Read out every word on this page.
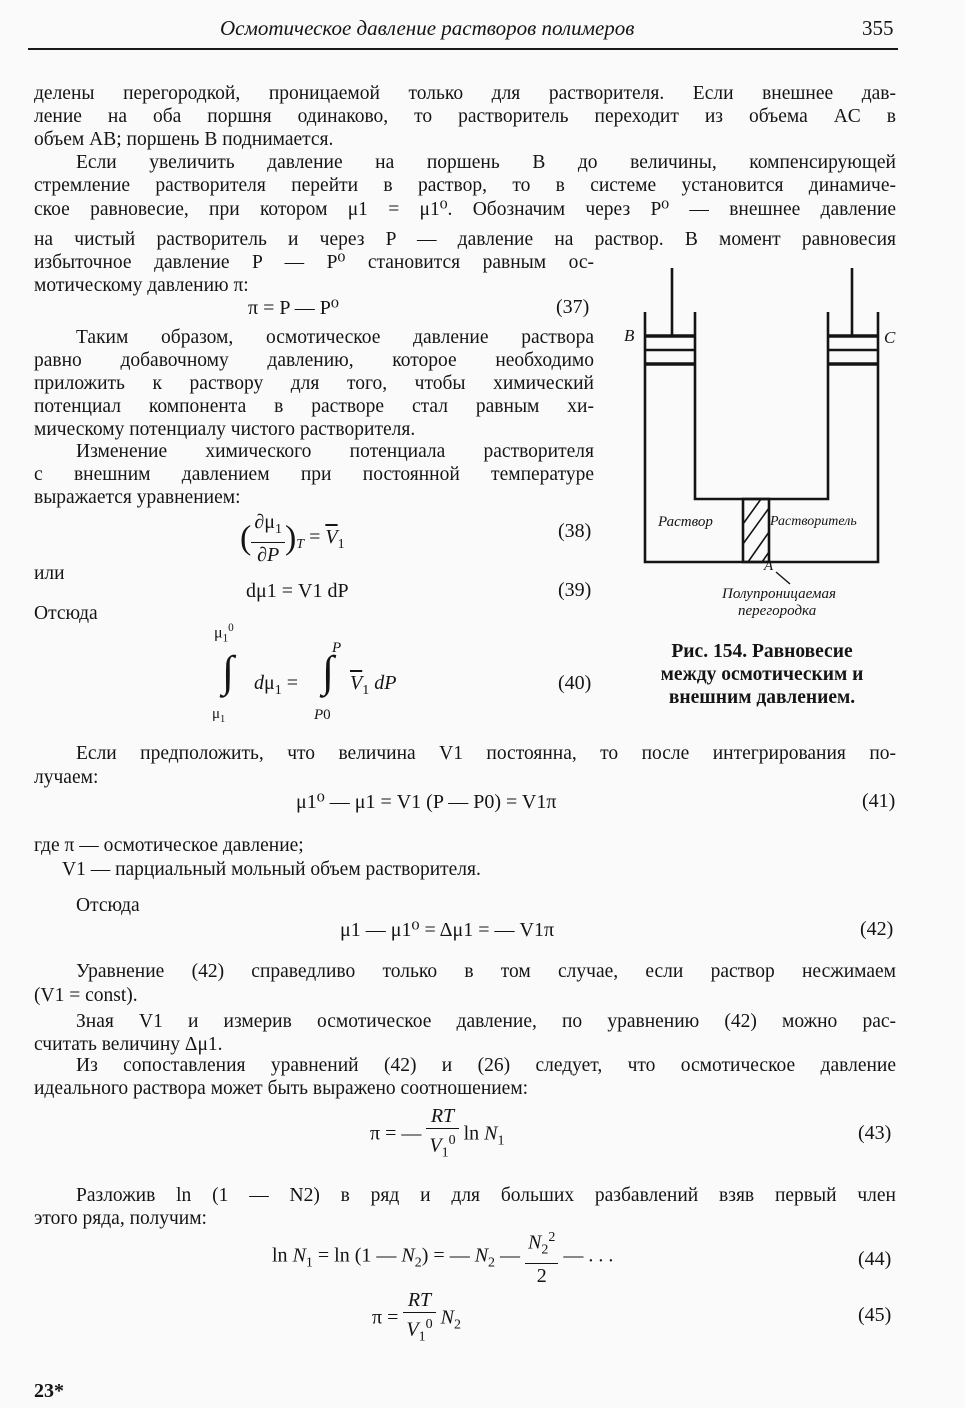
Осмотическое давление растворов полимеров	355
делены перегородкой, проницаемой только для растворителя. Если внешнее дав-
ление на оба поршня одинаково, то растворитель переходит из объема AC в
объем AB; поршень B поднимается.
Если увеличить давление на поршень B до величины, компенсирующей
стремление растворителя перейти в раствор, то в системе установится динамиче-
ское равновесие, при котором μ1 = μ1⁰. Обозначим через P⁰ — внешнее давление
на чистый растворитель и через P — давление на раствор. В момент равновесия
избыточное давление P — P⁰ становится равным ос-
мотическому давлению π:
π = P — P⁰	(37)
Таким образом, осмотическое давление раствора
равно добавочному давлению, которое необходимо
приложить к раствору для того, чтобы химический
потенциал компонента в растворе стал равным хи-
мическому потенциалу чистого растворителя.
Изменение химического потенциала растворителя
с внешним давлением при постоянной температуре
выражается уравнением:
( $\frac{\partial\mu_1}{\partial P} )_T = \overline{V}_1$
(38)
или
dμ1 = V1 dP	(39)
Отсюда
$\mu_1^0$
∫
$\mu_1$
$d\mu_1$ =
P
∫
P0
$\overline{V}_1$ dP	(40)
B	C
Раствор	Растворитель
A
Полупроницаемая
перегородка
Рис. 154. Равновесие
между осмотическим и
внешним давлением.
Если предположить, что величина V1 постоянна, то после интегрирования по-
лучаем:
μ1⁰ — μ1 = V1 (P — P0) = V1π	(41)
где π — осмотическое давление;
V1 — парциальный мольный объем растворителя.
Отсюда
μ1 — μ1⁰ = Δμ1 = — V1π	(42)
Уравнение (42) справедливо только в том случае, если раствор несжимаем
(V1 = const).
Зная V1 и измерив осмотическое давление, по уравнению (42) можно рас-
считать величину Δμ1.
Из сопоставления уравнений (42) и (26) следует, что осмотическое давление
идеального раствора может быть выражено соотношением:
π = — $\frac{RT}{V_1^0}$ $\ln N_1$	(43)
Разложив ln (1 — N2) в ряд и для больших разбавлений взяв первый член
этого ряда, получим:
$\ln N_1 = \ln (1$ — $N_2$) = — $N_2$ — $\frac{N_2^2}{2}$ — . . .	(44)
$\pi = \frac{RT}{V_1^0} N_2$	(45)
23*
